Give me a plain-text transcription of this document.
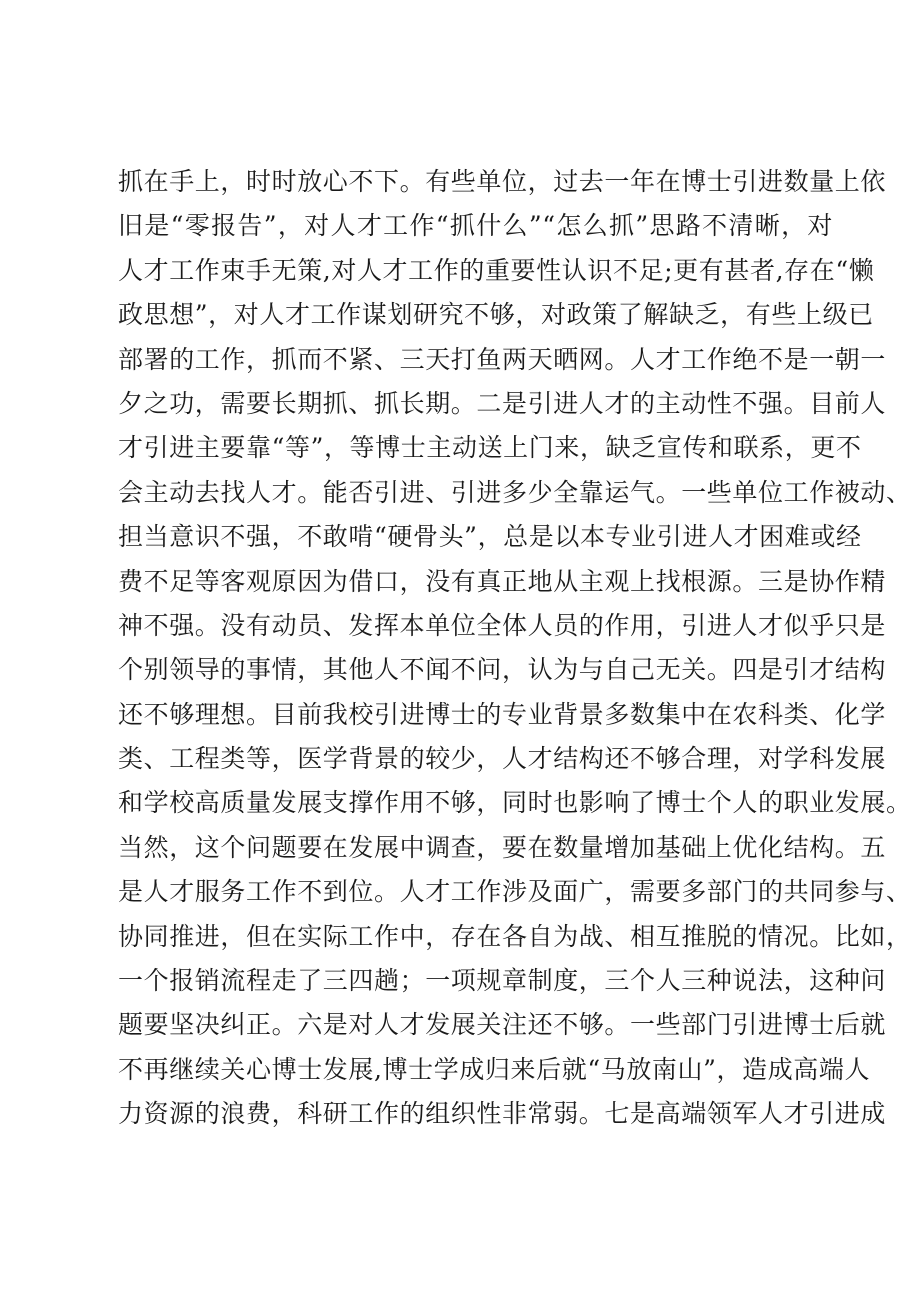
抓在手上，时时放心不下。有些单位，过去一年在博士引进数量上依
旧是“零报告”，对人才工作“抓什么”“怎么抓”思路不清晰，对
人才工作束手无策,对人才工作的重要性认识不足;更有甚者,存在“懒
政思想”，对人才工作谋划研究不够，对政策了解缺乏，有些上级已
部署的工作，抓而不紧、三天打鱼两天晒网。人才工作绝不是一朝一
夕之功，需要长期抓、抓长期。二是引进人才的主动性不强。目前人
才引进主要靠“等”，等博士主动送上门来，缺乏宣传和联系，更不
会主动去找人才。能否引进、引进多少全靠运气。一些单位工作被动、
担当意识不强，不敢啃“硬骨头”，总是以本专业引进人才困难或经
费不足等客观原因为借口，没有真正地从主观上找根源。三是协作精
神不强。没有动员、发挥本单位全体人员的作用，引进人才似乎只是
个别领导的事情，其他人不闻不问，认为与自己无关。四是引才结构
还不够理想。目前我校引进博士的专业背景多数集中在农科类、化学
类、工程类等，医学背景的较少，人才结构还不够合理，对学科发展
和学校高质量发展支撑作用不够，同时也影响了博士个人的职业发展。
当然，这个问题要在发展中调查，要在数量增加基础上优化结构。五
是人才服务工作不到位。人才工作涉及面广，需要多部门的共同参与、
协同推进，但在实际工作中，存在各自为战、相互推脱的情况。比如，
一个报销流程走了三四趟；一项规章制度，三个人三种说法，这种问
题要坚决纠正。六是对人才发展关注还不够。一些部门引进博士后就
不再继续关心博士发展,博士学成归来后就“马放南山”，造成高端人
力资源的浪费，科研工作的组织性非常弱。七是高端领军人才引进成
